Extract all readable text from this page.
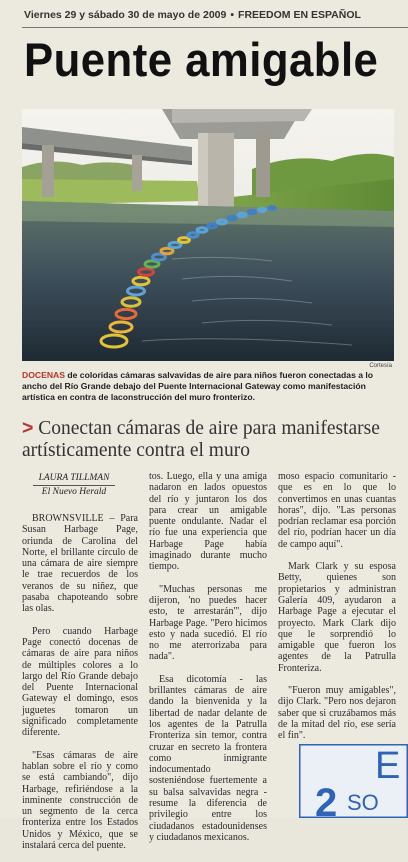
Viernes 29 y sábado 30 de mayo de 2009 • FREEDOM EN ESPAÑOL
Puente amigable
Cortesía
DOCENAS de coloridas cámaras salvavidas de aire para niños fueron conectadas a lo ancho del Río Grande debajo del Puente Internacional Gateway como manifestación artística en contra de laconstrucción del muro fronterizo.
> Conectan cámaras de aire para manifestarse artísticamente contra el muro
LAURA TILLMAN
El Nuevo Herald

BROWNSVILLE – Para Susan Harbage Page, oriunda de Carolina del Norte, el brillante círculo de una cámara de aire siempre le trae recuerdos de los veranos de su niñez, que pasaba chapoteando sobre las olas.

Pero cuando Harbage Page conectó docenas de cámaras de aire para niños de múltiples colores a lo largo del Río Grande debajo del Puente Internacional Gateway el domingo, esos juguetes tomaron un significado completamente diferente.

"Esas cámaras de aire hablan sobre el río y como se está cambiando", dijo Harbage, refiriéndose a la inminente construcción de un segmento de la cerca fronteriza entre los Estados Unidos y México, que se instalará cerca del puente.

tos. Luego, ella y una amiga nadaron en lados opuestos del río y juntaron los dos para crear un amigable puente ondulante. Nadar el río fue una experiencia que Harbage Page había imaginado durante mucho tiempo.

"Muchas personas me dijeron, 'no puedes hacer esto, te arrestarán'", dijo Harbage Page. "Pero hicimos esto y nada sucedió. El río no me aterrorizaba para nada".

Esa dicotomía - las brillantes cámaras de aire dando la bienvenida y la libertad de nadar delante de los agentes de la Patrulla Fronteriza sin temor, contra cruzar en secreto la frontera como inmigrante indocumentado sosteniéndose fuertemente a su balsa salvavidas negra - resume la diferencia de privilegio entre los ciudadanos estadounidenses y ciudadanos mexicanos.

moso espacio comunitario - que es en lo que lo convertimos en unas cuantas horas", dijo. "Las personas podrían reclamar esa porción del río, podrían hacer un día de campo aquí".

Mark Clark y su esposa Betty, quienes son propietarios y administran Galería 409, ayudaron a Harbage Page a ejecutar el proyecto. Mark Clark dijo que le sorprendió lo amigable que fueron los agentes de la Patrulla Fronteriza.

"Fueron muy amigables", dijo Clark. "Pero nos dejaron saber que si cruzábamos más de la mitad del río, ese sería el fin".

E
2 SO
